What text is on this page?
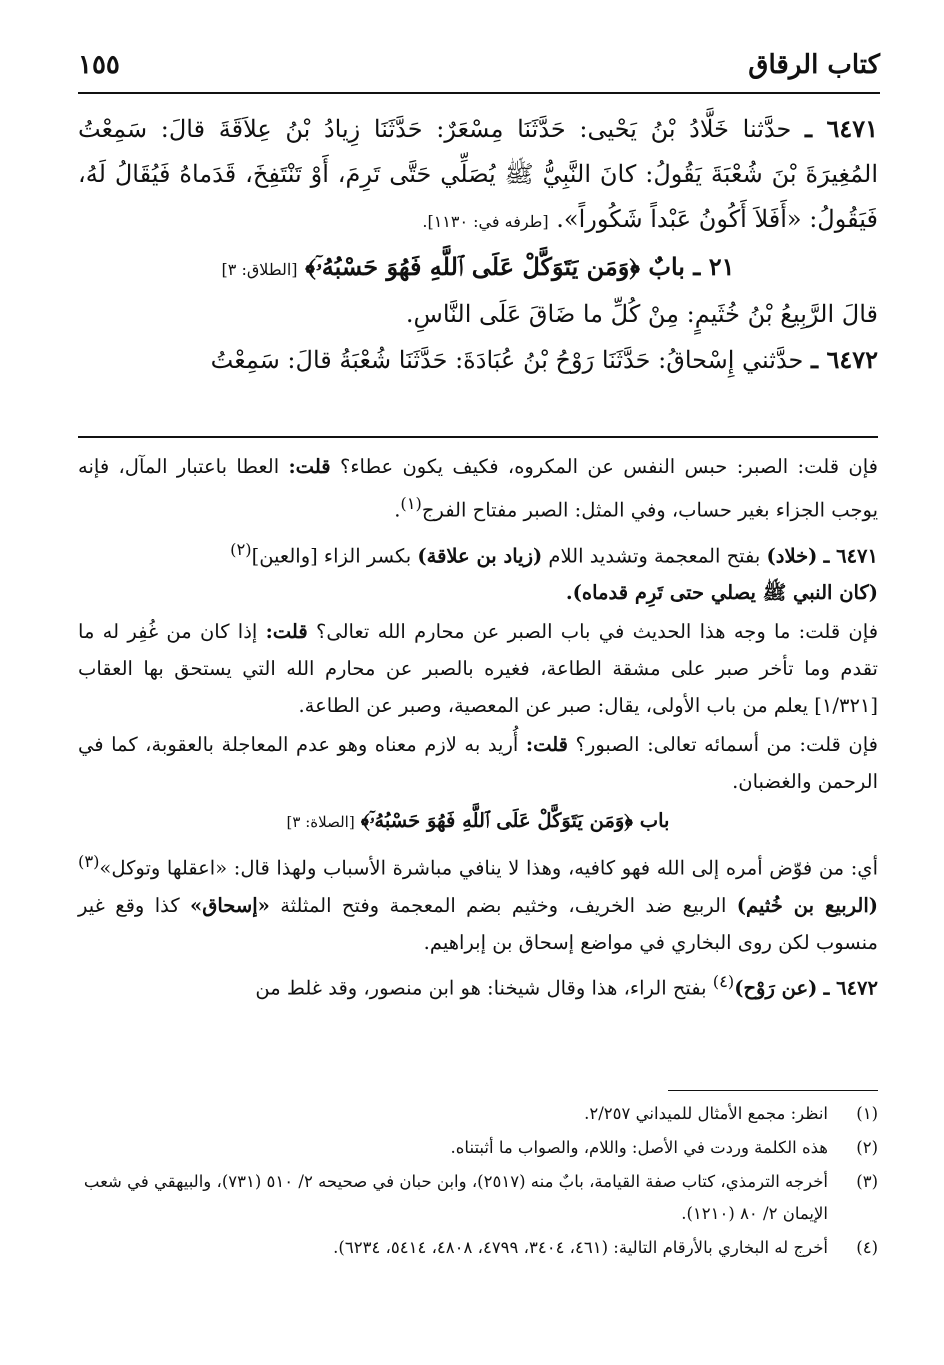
كتاب الرقاق
١٥٥

٦٤٧١ ـ حدَّثنا خَلَّادُ بْنُ يَحْيى: حَدَّثَنَا مِسْعَرٌ: حَدَّثَنَا زِيادُ بْنُ عِلاَقَةَ قالَ: سَمِعْتُ المُغِيرَةَ بْنَ شُعْبَةَ يَقُولُ: كانَ النَّبِيُّ ﷺ يُصَلِّي حَتَّى تَرِمَ، أَوْ تَنْتَفِخَ، قَدَماهُ فَيُقَالُ لَهُ، فَيَقُولُ: «أَفَلاَ أَكُونُ عَبْداً شَكُوراً». [طرفه في: ١١٣٠].

٢١ ـ بابٌ ﴿وَمَن يَتَوَكَّلْ عَلَى ٱللَّهِ فَهُوَ حَسْبُهُۥٓ﴾ [الطلاق: ٣]

قالَ الرَّبِيعُ بْنُ خُثَيمٍ: مِنْ كُلِّ ما ضَاقَ عَلَى النَّاسِ.

٦٤٧٢ ـ حدَّثني إِسْحاقُ: حَدَّثَنَا رَوْحُ بْنُ عُبَادَةَ: حَدَّثَنَا شُعْبَةُ قالَ: سَمِعْتُ

فإن قلت: الصبر: حبس النفس عن المكروه، فكيف يكون عطاء؟ قلت: العطا باعتبار المآل، فإنه يوجب الجزاء بغير حساب، وفي المثل: الصبر مفتاح الفرج$^{(١)}$.

٦٤٧١ ـ (خلاد) بفتح المعجمة وتشديد اللام (زياد بن علاقة) بكسر الزاء [والعين]$^{(٢)}$
(كان النبي ﷺ يصلي حتى تَرِم قدماه).

فإن قلت: ما وجه هذا الحديث في باب الصبر عن محارم الله تعالى؟ قلت: إذا كان من غُفِر له ما تقدم وما تأخر صبر على مشقة الطاعة، فغيره بالصبر عن محارم الله التي يستحق بها العقاب [١/٣٢١] يعلم من باب الأولى، يقال: صبر عن المعصية، وصبر عن الطاعة.

فإن قلت: من أسمائه تعالى: الصبور؟ قلت: أُريد به لازم معناه وهو عدم المعاجلة بالعقوبة، كما في الرحمن والغضبان.

باب ﴿وَمَن يَتَوَكَّلْ عَلَى ٱللَّهِ فَهُوَ حَسْبُهُۥٓ﴾ [الصلاة: ٣]

أي: من فوّض أمره إلى الله فهو كافيه، وهذا لا ينافي مباشرة الأسباب ولهذا قال: «اعقلها وتوكل»$^{(٣)}$ (الربيع بن خُثيم) الربيع ضد الخريف، وخثيم بضم المعجمة وفتح المثلثة «إسحاق» كذا وقع غير منسوب لكن روى البخاري في مواضع إسحاق بن إبراهيم.

٦٤٧٢ ـ (عن رَوْح)$^{(٤)}$ بفتح الراء، هذا وقال شيخنا: هو ابن منصور، وقد غلط من

(١)
انظر: مجمع الأمثال للميداني ٢/٢٥٧.

(٢)
هذه الكلمة وردت في الأصل: واللام، والصواب ما أثبتناه.

(٣)
أخرجه الترمذي، كتاب صفة القيامة، بابٌ منه (٢٥١٧)، وابن حبان في صحيحه ٢/ ٥١٠ (٧٣١)، والبيهقي في شعب الإيمان ٢/ ٨٠ (١٢١٠).

(٤)
أخرج له البخاري بالأرقام التالية: (٤٦١، ٣٤٠٤، ٤٧٩٩، ٤٨٠٨، ٥٤١٤، ٦٢٣٤).
